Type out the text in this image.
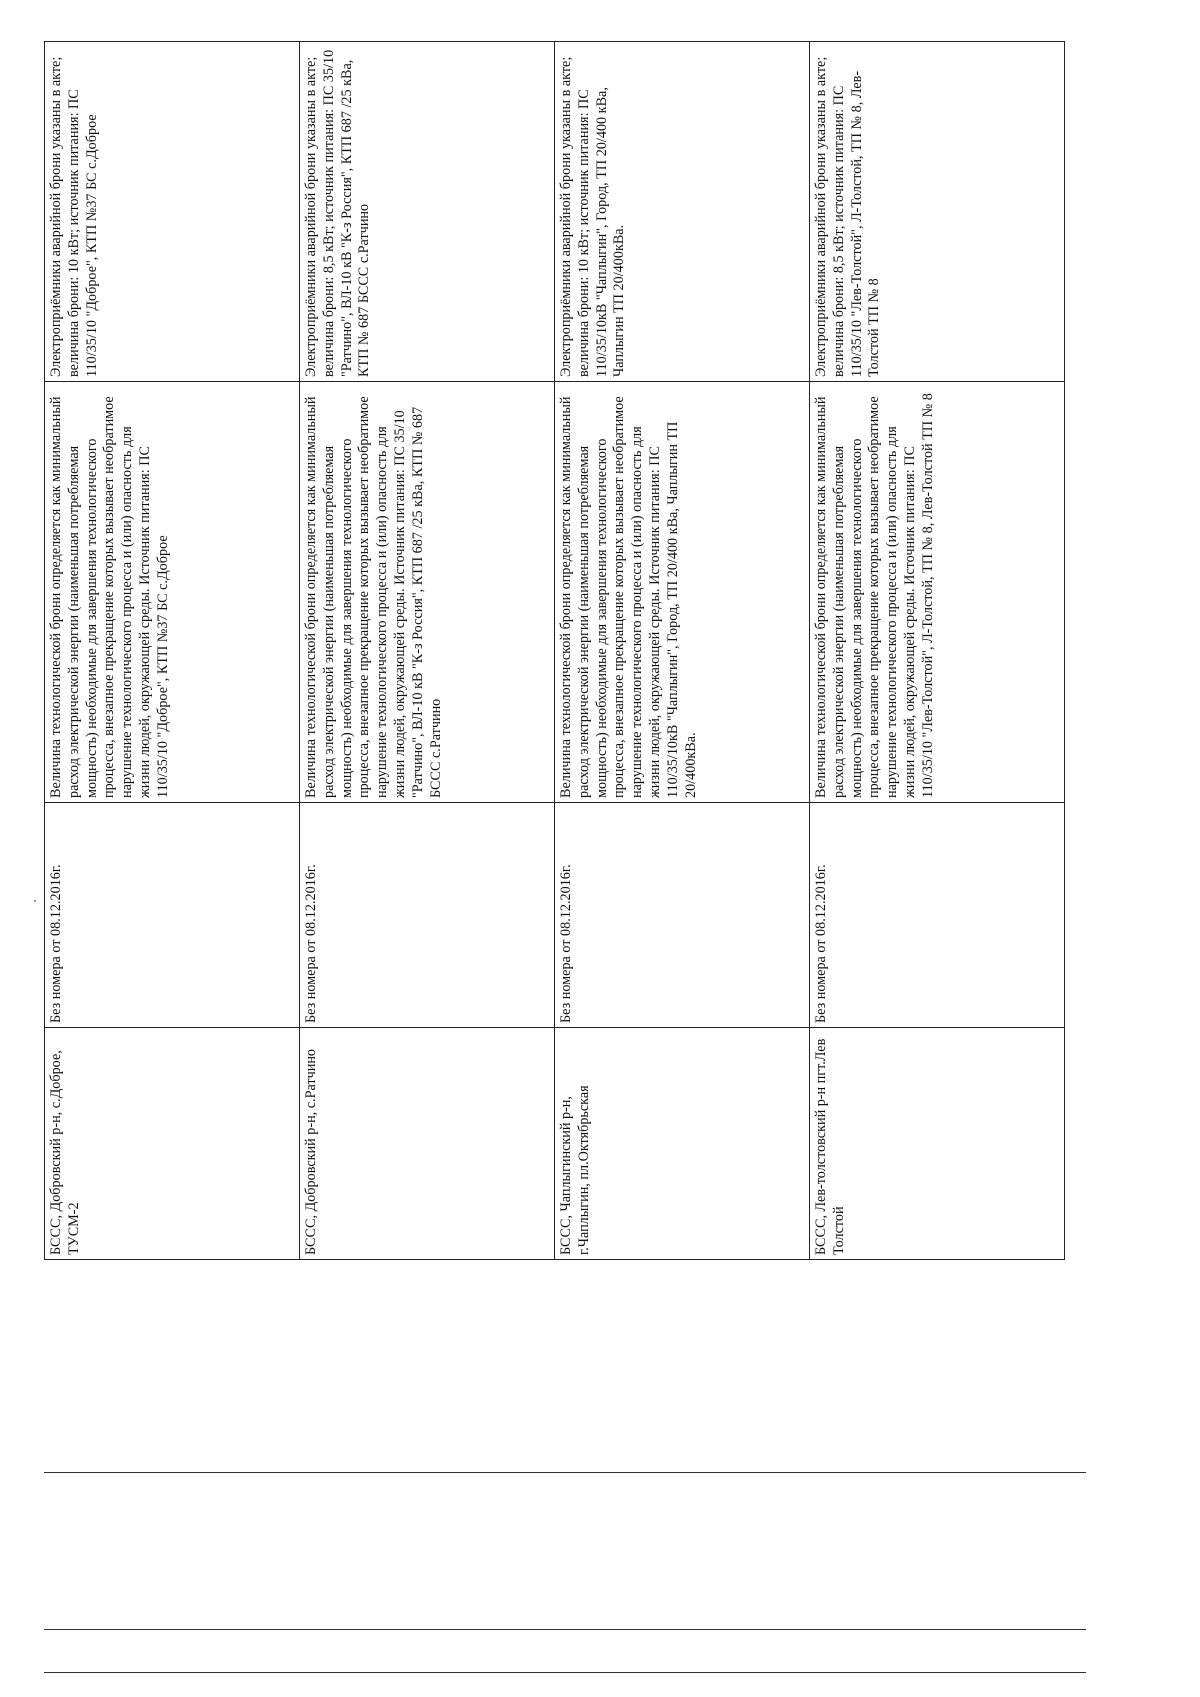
БССС, Добровский р-н, с.Доброе, ТУСМ-2	Без номера от 08.12.2016г.	Величина технологической брони определяется как минимальный расход электрической энергии (наименьшая потребляемая мощность) необходимые для завершения технологического процесса, внезапное прекращение которых вызывает необратимое нарушение технологического процесса и (или) опасность для жизни людей, окружающей среды. Источник питания: ПС 110/35/10 "Доброе", КТП №37 БС с.Доброе	Электроприёмники аварийной брони указаны в акте; величина брони: 10 кВт; источник питания: ПС 110/35/10 "Доброе", КТП №37 БС с.Доброе
БССС, Добровский р-н, с.Ратчино	Без номера от 08.12.2016г.	Величина технологической брони определяется как минимальный расход электрической энергии (наименьшая потребляемая мощность) необходимые для завершения технологического процесса, внезапное прекращение которых вызывает необратимое нарушение технологического процесса и (или) опасность для жизни людей, окружающей среды. Источник питания: ПС 35/10 "Ратчино", ВЛ-10 кВ "К-з Россия", КТП 687 /25 кВа, КТП № 687 БССС с.Ратчино	Электроприёмники аварийной брони указаны в акте; величина брони: 8,5 кВт; источник питания: ПС 35/10 "Ратчино", ВЛ-10 кВ "К-з Россия", КТП 687 /25 кВа, КТП № 687 БССС с.Ратчино
БССС, Чаплыгинский р-н, г.Чаплыгин, пл.Октябрьская	Без номера от 08.12.2016г.	Величина технологической брони определяется как минимальный расход электрической энергии (наименьшая потребляемая мощность) необходимые для завершения технологического процесса, внезапное прекращение которых вызывает необратимое нарушение технологического процесса и (или) опасность для жизни людей, окружающей среды. Источник питания: ПС 110/35/10кВ "Чаплыгин", Город, ТП 20/400 кВа, Чаплыгин ТП 20/400кВа.	Электроприёмники аварийной брони указаны в акте; величина брони: 10 кВт; источник питания: ПС 110/35/10кВ "Чаплыгин", Город, ТП 20/400 кВа, Чаплыгин ТП 20/400кВа.
БССС, Лев-толстовский р-н пгт.Лев Толстой	Без номера от 08.12.2016г.	Величина технологической брони определяется как минимальный расход электрической энергии (наименьшая потребляемая мощность) необходимые для завершения технологического процесса, внезапное прекращение которых вызывает необратимое нарушение технологического процесса и (или) опасность для жизни людей, окружающей среды. Источник питания: ПС 110/35/10 "Лев-Толстой", Л-Толстой, ТП № 8, Лев-Толстой ТП № 8	Электроприёмники аварийной брони указаны в акте; величина брони: 8,5 кВт; источник питания: ПС 110/35/10 "Лев-Толстой", Л-Толстой, ТП № 8, Лев-Толстой ТП № 8
